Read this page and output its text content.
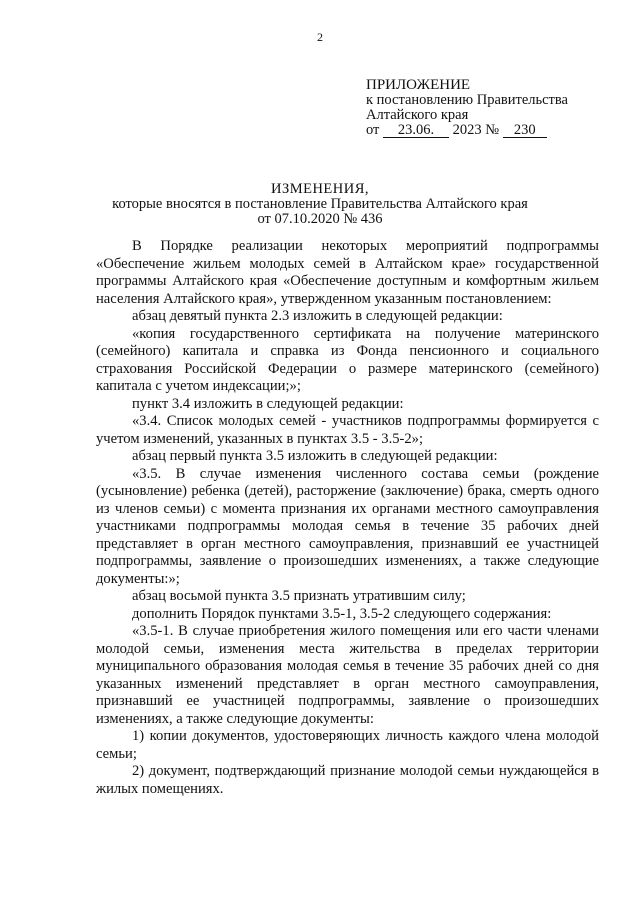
2
ПРИЛОЖЕНИЕ
к постановлению Правительства
Алтайского края
от 23.06. 2023 № 230
ИЗМЕНЕНИЯ,
которые вносятся в постановление Правительства Алтайского края
от 07.10.2020 № 436

В Порядке реализации некоторых мероприятий подпрограммы «Обеспечение жильем молодых семей в Алтайском крае» государственной программы Алтайского края «Обеспечение доступным и комфортным жильем населения Алтайского края», утвержденном указанным постановлением:

абзац девятый пункта 2.3 изложить в следующей редакции:

«копия государственного сертификата на получение материнского (семейного) капитала и справка из Фонда пенсионного и социального страхования Российской Федерации о размере материнского (семейного) капитала с учетом индексации;»;

пункт 3.4 изложить в следующей редакции:

«3.4. Список молодых семей - участников подпрограммы формируется с учетом изменений, указанных в пунктах 3.5 - 3.5-2»;

абзац первый пункта 3.5 изложить в следующей редакции:

«3.5. В случае изменения численного состава семьи (рождение (усыновление) ребенка (детей), расторжение (заключение) брака, смерть одного из членов семьи) с момента признания их органами местного самоуправления участниками подпрограммы молодая семья в течение 35 рабочих дней представляет в орган местного самоуправления, признавший ее участницей подпрограммы, заявление о произошедших изменениях, а также следующие документы:»;

абзац восьмой пункта 3.5 признать утратившим силу;

дополнить Порядок пунктами 3.5-1, 3.5-2 следующего содержания:

«3.5-1. В случае приобретения жилого помещения или его части членами молодой семьи, изменения места жительства в пределах территории муниципального образования молодая семья в течение 35 рабочих дней со дня указанных изменений представляет в орган местного самоуправления, признавший ее участницей подпрограммы, заявление о произошедших изменениях, а также следующие документы:

1) копии документов, удостоверяющих личность каждого члена молодой семьи;

2) документ, подтверждающий признание молодой семьи нуждающейся в жилых помещениях.
